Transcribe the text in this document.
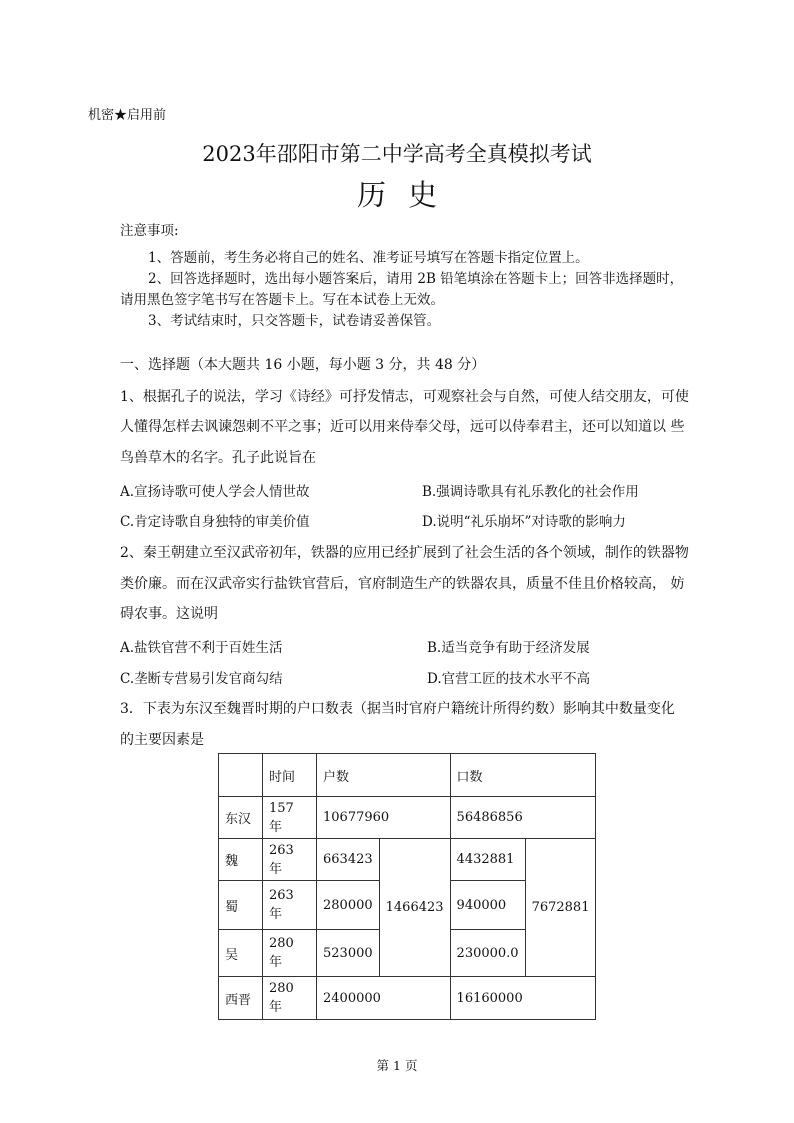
机密★启用前
2023年邵阳市第二中学高考全真模拟考试
历史
注意事项:
1、答题前，考生务必将自己的姓名、准考证号填写在答题卡指定位置上。
2、回答选择题时，选出每小题答案后，请用 2B 铅笔填涂在答题卡上；回答非选择题时，
请用黑色签字笔书写在答题卡上。写在本试卷上无效。
3、考试结束时，只交答题卡，试卷请妥善保管。
一、选择题（本大题共 16 小题，每小题 3 分，共 48 分）
1、根据孔子的说法，学习《诗经》可抒发情志，可观察社会与自然，可使人结交朋友，可使
人懂得怎样去讽谏怨刺不平之事；近可以用来侍奉父母，远可以侍奉君主，还可以知道以 些
鸟兽草木的名字。孔子此说旨在
A.宣扬诗歌可使人学会人情世故	B.强调诗歌具有礼乐教化的社会作用
C.肯定诗歌自身独特的审美价值	D.说明“礼乐崩坏”对诗歌的影响力
2、秦王朝建立至汉武帝初年，铁器的应用已经扩展到了社会生活的各个领域，制作的铁器物
类价廉。而在汉武帝实行盐铁官营后，官府制造生产的铁器农具，质量不佳且价格较高， 妨
碍农事。这说明
A.盐铁官营不利于百姓生活	B.适当竞争有助于经济发展
C.垄断专营易引发官商勾结	D.官营工匠的技术水平不高
3．下表为东汉至魏晋时期的户口数表（据当时官府户籍统计所得约数）影响其中数量变化
的主要因素是
	时间	户数		口数	
东汉	157 年	10677960		56486856	
魏	263 年	663423	1466423	4432881	7672881
蜀	263 年	280000		940000	
吴	280 年	523000		230000.0	
西晋	280 年	2400000		16160000	
第 1 页
